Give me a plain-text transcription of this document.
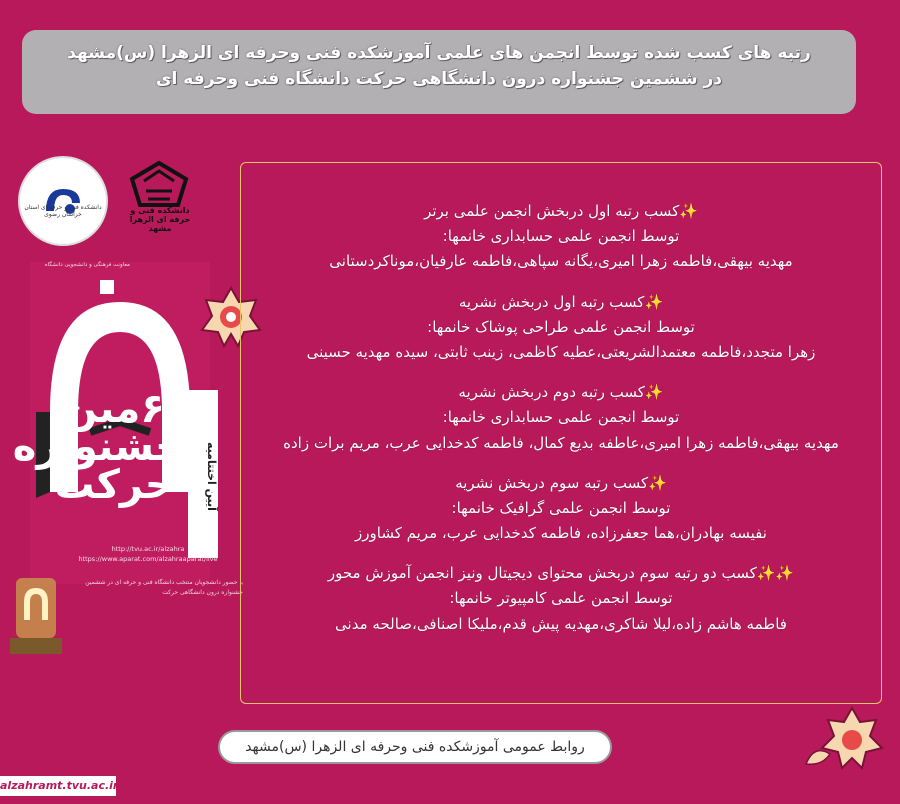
رتبه های کسب شده توسط انجمن های علمی آموزشکده فنی وحرفه ای الزهرا (س)مشهد
در ششمین جشنواره درون دانشگاهی حرکت دانشگاه فنی وحرفه ای
دانشکده فنی و حرفه ای استان خراسان رضوی	دانشکده فنی و حرفه ای الزهرا مشهد
معاونت فرهنگی و دانشجویی دانشگاه
۶مین جشنواره حرکت	آیین اختتامیه
http://tvu.ac.ir/alzahra
https://www.aparat.com/alzahraaparat/live
با حضور دانشجویان منتخب دانشگاه فنی و حرفه ای در ششمین جشنواره درون دانشگاهی حرکت
✨کسب رتبه اول دربخش انجمن علمی برتر
توسط انجمن علمی حسابداری خانمها:
مهدیه بیهقی،فاطمه زهرا امیری،یگانه سپاهی،فاطمه عارفیان،موناکردستانی
✨کسب رتبه اول دربخش نشریه
توسط انجمن علمی طراحی پوشاک خانمها:
زهرا متجدد،فاطمه معتمدالشریعتی،عطیه کاظمی، زینب ثابتی، سیده مهدیه حسینی
✨کسب رتبه دوم دربخش نشریه
توسط انجمن علمی حسابداری خانمها:
مهدیه بیهقی،فاطمه زهرا امیری،عاطفه بدیع کمال، فاطمه کدخدایی عرب، مریم برات زاده
✨کسب رتبه سوم دربخش نشریه
توسط انجمن علمی گرافیک خانمها:
نفیسه بهادران،هما جعفرزاده، فاطمه کدخدایی عرب، مریم کشاورز
✨✨کسب دو رتبه سوم دربخش محتوای دیجیتال ونیز انجمن آموزش محور
توسط انجمن علمی کامپیوتر خانمها:
فاطمه هاشم زاده،لیلا شاکری،مهدیه پیش قدم،ملیکا اصنافی،صالحه مدنی
روابط عمومی آموزشکده فنی وحرفه ای الزهرا (س)مشهد
alzahramt.tvu.ac.ir
